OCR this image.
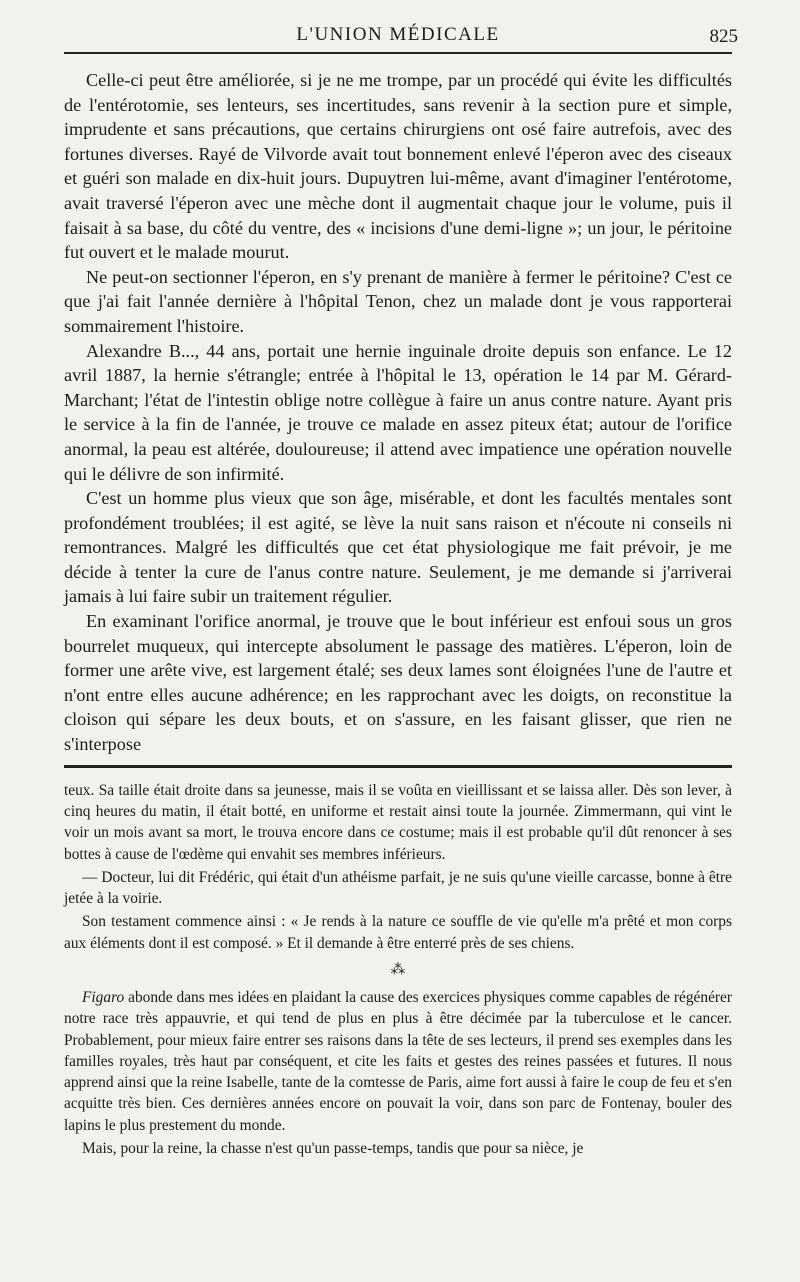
L'UNION MÉDICALE	825

Celle-ci peut être améliorée, si je ne me trompe, par un procédé qui évite les difficultés de l'entérotomie, ses lenteurs, ses incertitudes, sans revenir à la section pure et simple, imprudente et sans précautions, que certains chirurgiens ont osé faire autrefois, avec des fortunes diverses. Rayé de Vilvorde avait tout bonnement enlevé l'éperon avec des ciseaux et guéri son malade en dix-huit jours. Dupuytren lui-même, avant d'imaginer l'entérotome, avait traversé l'éperon avec une mèche dont il augmentait chaque jour le volume, puis il faisait à sa base, du côté du ventre, des « incisions d'une demi-ligne »; un jour, le péritoine fut ouvert et le malade mourut.

Ne peut-on sectionner l'éperon, en s'y prenant de manière à fermer le péritoine? C'est ce que j'ai fait l'année dernière à l'hôpital Tenon, chez un malade dont je vous rapporterai sommairement l'histoire.

Alexandre B..., 44 ans, portait une hernie inguinale droite depuis son enfance. Le 12 avril 1887, la hernie s'étrangle; entrée à l'hôpital le 13, opération le 14 par M. Gérard-Marchant; l'état de l'intestin oblige notre collègue à faire un anus contre nature. Ayant pris le service à la fin de l'année, je trouve ce malade en assez piteux état; autour de l'orifice anormal, la peau est altérée, douloureuse; il attend avec impatience une opération nouvelle qui le délivre de son infirmité.

C'est un homme plus vieux que son âge, misérable, et dont les facultés mentales sont profondément troublées; il est agité, se lève la nuit sans raison et n'écoute ni conseils ni remontrances. Malgré les difficultés que cet état physiologique me fait prévoir, je me décide à tenter la cure de l'anus contre nature. Seulement, je me demande si j'arriverai jamais à lui faire subir un traitement régulier.

En examinant l'orifice anormal, je trouve que le bout inférieur est enfoui sous un gros bourrelet muqueux, qui intercepte absolument le passage des matières. L'éperon, loin de former une arête vive, est largement étalé; ses deux lames sont éloignées l'une de l'autre et n'ont entre elles aucune adhérence; en les rapprochant avec les doigts, on reconstitue la cloison qui sépare les deux bouts, et on s'assure, en les faisant glisser, que rien ne s'interpose

teux. Sa taille était droite dans sa jeunesse, mais il se voûta en vieillissant et se laissa aller. Dès son lever, à cinq heures du matin, il était botté, en uniforme et restait ainsi toute la journée. Zimmermann, qui vint le voir un mois avant sa mort, le trouva encore dans ce costume; mais il est probable qu'il dût renoncer à ses bottes à cause de l'œdème qui envahit ses membres inférieurs.

— Docteur, lui dit Frédéric, qui était d'un athéisme parfait, je ne suis qu'une vieille carcasse, bonne à être jetée à la voirie.

Son testament commence ainsi : « Je rends à la nature ce souffle de vie qu'elle m'a prêté et mon corps aux éléments dont il est composé. » Et il demande à être enterré près de ses chiens.

⁂

Figaro abonde dans mes idées en plaidant la cause des exercices physiques comme capables de régénérer notre race très appauvrie, et qui tend de plus en plus à être décimée par la tuberculose et le cancer. Probablement, pour mieux faire entrer ses raisons dans la tête de ses lecteurs, il prend ses exemples dans les familles royales, très haut par conséquent, et cite les faits et gestes des reines passées et futures. Il nous apprend ainsi que la reine Isabelle, tante de la comtesse de Paris, aime fort aussi à faire le coup de feu et s'en acquitte très bien. Ces dernières années encore on pouvait la voir, dans son parc de Fontenay, bouler des lapins le plus prestement du monde.

Mais, pour la reine, la chasse n'est qu'un passe-temps, tandis que pour sa nièce, je
